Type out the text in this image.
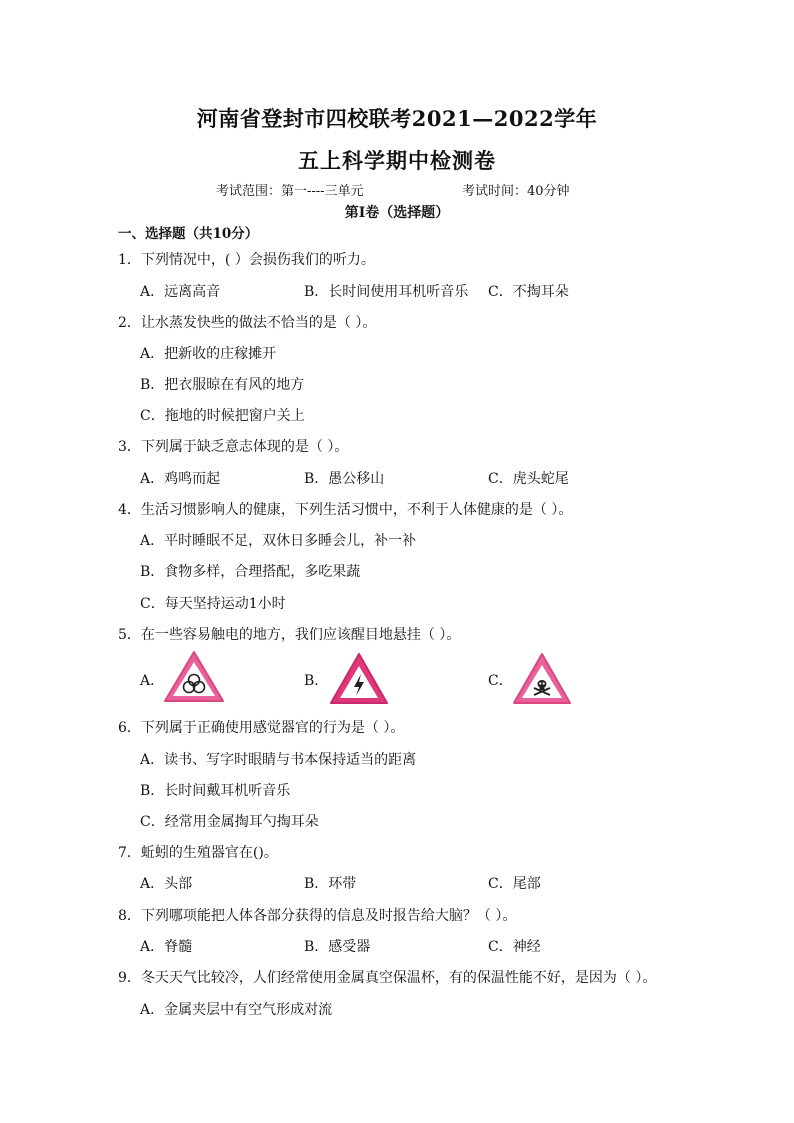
河南省登封市四校联考2021—2022学年
五上科学期中检测卷
考试范围：第一----三单元	考试时间：40分钟
第Ⅰ卷（选择题）
一、选择题（共10分）
1．下列情况中，( ）会损伤我们的听力。
A．远离高音	B．长时间使用耳机听音乐 C．不掏耳朵
2．让水蒸发快些的做法不恰当的是（ ）。
A．把新收的庄稼摊开
B．把衣服晾在有风的地方
C．拖地的时候把窗户关上
3．下列属于缺乏意志体现的是（ ）。
A．鸡鸣而起	B．愚公移山	C．虎头蛇尾
4．生活习惯影响人的健康，下列生活习惯中，不利于人体健康的是（ ）。
A．平时睡眠不足，双休日多睡会儿，补一补
B．食物多样，合理搭配，多吃果蔬
C．每天坚持运动1小时
5．在一些容易触电的地方，我们应该醒目地悬挂（ ）。
A．	B．	C．
6．下列属于正确使用感觉器官的行为是（ ）。
A．读书、写字时眼睛与书本保持适当的距离
B．长时间戴耳机听音乐
C．经常用金属掏耳勺掏耳朵
7．蚯蚓的生殖器官在()。
A．头部	B．环带	C．尾部
8．下列哪项能把人体各部分获得的信息及时报告给大脑？（ ）。
A．脊髓	B．感受器	C．神经
9．冬天天气比较冷，人们经常使用金属真空保温杯，有的保温性能不好，是因为（ ）。
A．金属夹层中有空气形成对流
